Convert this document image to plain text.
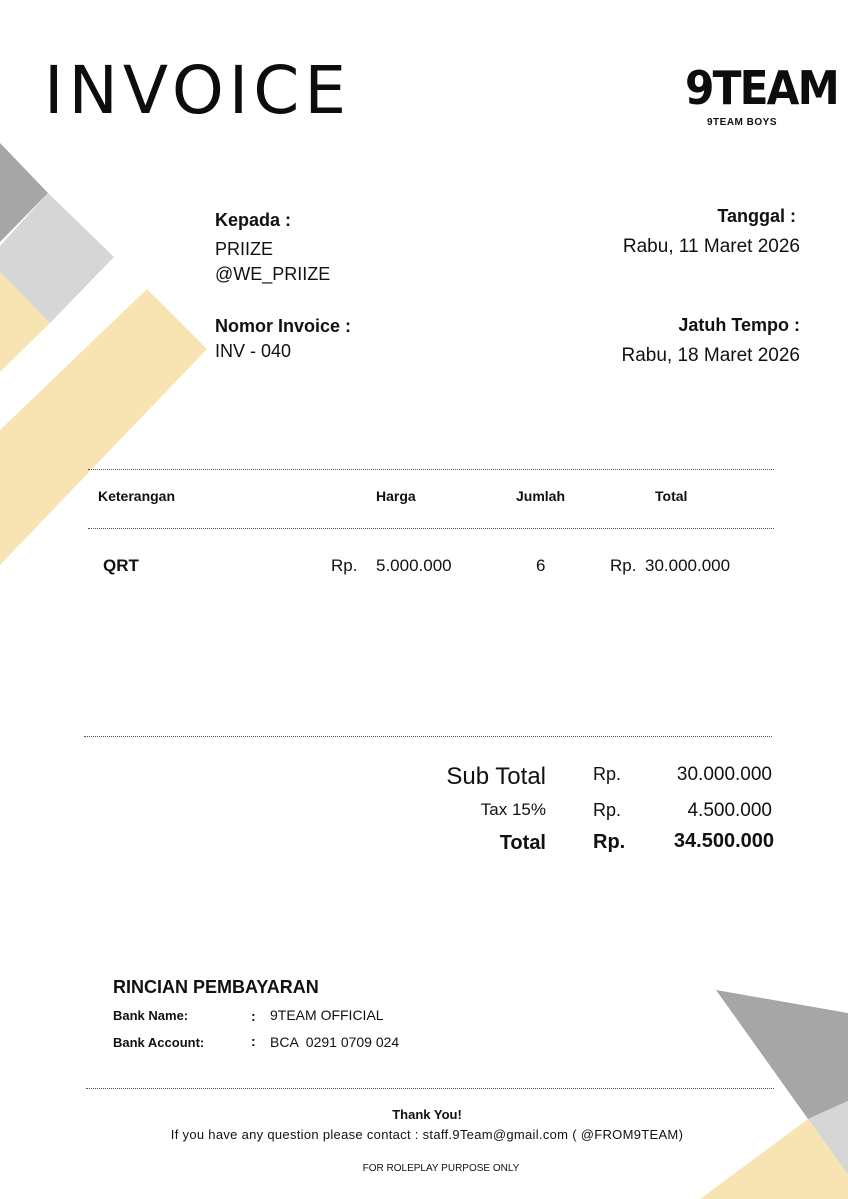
INVOICE	9TEAM
9TEAM BOYS
Kepada :
PRIIZE
@WE_PRIIZE
Nomor Invoice :
INV - 040
Tanggal :
Rabu, 11 Maret 2026
Jatuh Tempo :
Rabu, 18 Maret 2026
Keterangan	Harga	Jumlah	Total
QRT	Rp. 5.000.000	6	Rp. 30.000.000
Sub Total	Rp.	30.000.000
Tax 15%	Rp.	4.500.000
Total Rp. 34.500.000
RINCIAN PEMBAYARAN
Bank Name:	: 9TEAM OFFICIAL
Bank Account:	: BCA  0291 0709 024
Thank You!
If you have any question please contact : staff.9Team@gmail.com ( @FROM9TEAM)
FOR ROLEPLAY PURPOSE ONLY
